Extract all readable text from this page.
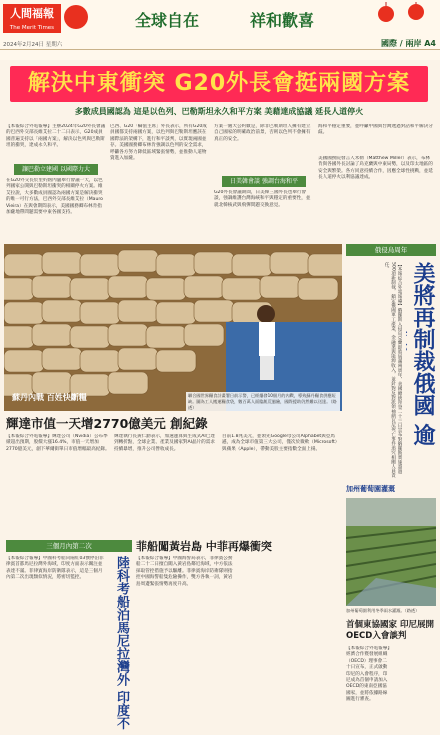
人間福報
The Merit Times
2024年2月24日 星期六
全球自在	祥和歡喜
國際 / 兩岸 A4
解決中東衝突 G20外長會挺兩國方案
多數成員國認為 這是以色列、巴勒斯坦永久和平方案 美藉達成協議 延長人道停火
【本報綜合外電報導】主辦2024年G20外長會議的巴西外交部長維艾拉二十二日表示，G20成員國普遍支持以「兩國方案」，解決以色列與巴勒斯坦的衝突，達成永久和平。
讓巴勒立建國 以國際力大
在G20外交長於里約熱內盧舉行會議一天，以色列國家公開與巴勒斯坦衝突的相關停火方案。維艾拉說，大多數成員國認為兩國方案是解決衝突的唯一可行方法，巴西外交部長維艾拉（Mauro Vieira）在與會期間表示，美國國務卿布林肯指加薩地帶問題需要中東各國支持。
巴西、G20「輪值主席」外長表示，所有G20成員國都支持兩國方案，以色列與巴勒斯坦應該在國際法的架構下，進行和平談判，以實現兩國並存。美國國務卿布林肯強調以色列的安全需求，呼籲各方努力降低區域緊張情勢，並推動人道物資進入加薩。
方案一處大公約數是，除非巴勒斯坦人擁有建立自己國家的明確政治前景，否則以色列不會擁有真正的安全。
日美韓會談 強調台海和平
G20外長會議期間，日美韓三國外長也舉行會談，強調維護台灣海峽和平與穩定的重要性，並就北韓核武與飛彈問題交換意見。
海和平穩定重要，並呼籲中國與台灣透過對話和平解決分歧。
美國國務院發言人米勒（Matthew Miller）表示，布林肯與各國外長討論了烏克蘭與中東局勢，以及印太地區的安全與繁榮。各方同意持續合作，因應全球性挑戰，並延長人道停火以利協議達成。
蘇丹內戰 百姓快斷糧	聯合國世界糧食計畫署日前示警，已經爆發10個月的內戰，導致蘇丹糧食供應短缺。圖為工人搬運糧食袋，數百萬人面臨飢荒風險，國際援助仍然難以送達。（路透）
輝達市值一天增2770億美元 創紀錄
【本報綜合外電報導】輝達公司（Nvidia）公布季績超出預期，股價大漲16.4%，市值一天增加2770億美元，創下華爾街單日市值增幅最高紀錄。
輝達執行長黃仁勳表示，加速運算與生成式AI已達到轉折點，全球企業、產業及國家對AI晶片的需求持續暴增，推升公司營收成長。
目前1.8兆美元，並領先Google母公司Alphabet與亞馬遜，成為全球市值第三大公司，僅次於微軟（Microsoft）與蘋果（Apple），帶動美股主要指數全面上揚。
俄侵烏周年
美將再制裁俄國 逾
【本報綜合外電報導】俄羅斯入侵烏克蘭即將屆滿兩周年，美國總統拜登二十三日宣布對俄羅斯實施超過500項新制裁，鎖定俄國軍工產業、金融業與能源收入，並針對反對派領袖納瓦尼死亡事件追究相關人員責任。
三個月內第二次
陸科考船泊馬尼拉灣外 印度不
【本報綜合報導】中國科考船向陽紅03號停泊菲律賓首都馬尼拉灣外海域，印度方面表示關注並表達不滿。菲律賓海岸防衛隊表示，這是三個月內第二次出現類似情況，將密切監控。
菲船闖黃岩島 中菲再爆衝突
【本報綜合報導】中國海警局表示，菲律賓公務船二十二日擅自闖入黃岩島鄰近海域，中方依法採取管控措施予以驅離。菲律賓海岸防衛隊則指控中國海警船隻危險操作，雙方各執一詞，黃岩島周邊緊張情勢再度升高。
加州葡萄園灌溉
加州葡萄園利用冬季雨水灌溉。（路透）
首個東協國家 印尼展開OECD入會談判
【本報綜合外電報導】經濟合作暨發展組織（OECD）理事會二十日宣布，正式啟動印尼的入會程序，印尼成為首個申請加入OECD的東南亞國協國家，並將依據路線圖進行審查。
